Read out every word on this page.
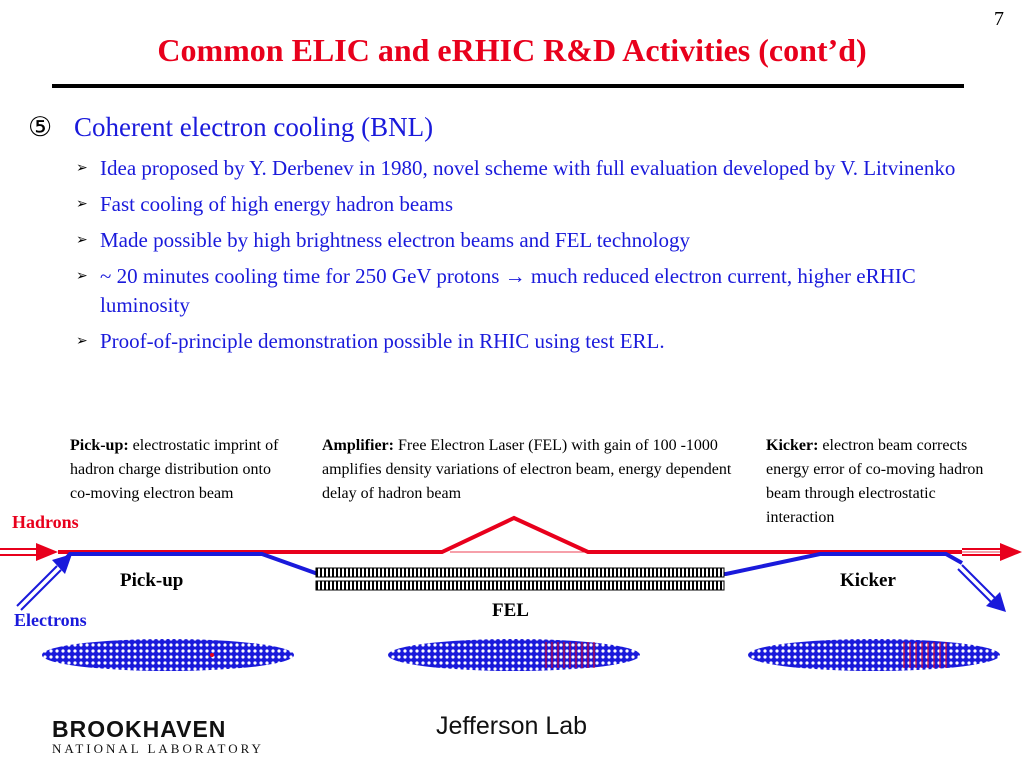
7
Common ELIC and eRHIC R&D Activities (cont’d)
⑤ Coherent electron cooling (BNL)
➢ Idea proposed by Y. Derbenev in 1980, novel scheme with full evaluation developed by V. Litvinenko
➢ Fast cooling of high energy hadron beams
➢ Made possible by high brightness electron beams and FEL technology
➢ ~ 20 minutes cooling time for 250 GeV protons → much reduced electron current, higher eRHIC luminosity
➢ Proof-of-principle demonstration possible in RHIC using test ERL.
Pick-up: electrostatic imprint of hadron charge distribution onto co-moving electron beam
Amplifier: Free Electron Laser (FEL) with gain of 100 -1000 amplifies density variations of electron beam, energy dependent delay of hadron beam
Kicker: electron beam corrects energy error of co-moving hadron beam through electrostatic interaction
Hadrons
Electrons
Pick-up
FEL
Kicker
BROOKHAVEN
NATIONAL LABORATORY
Jefferson Lab
